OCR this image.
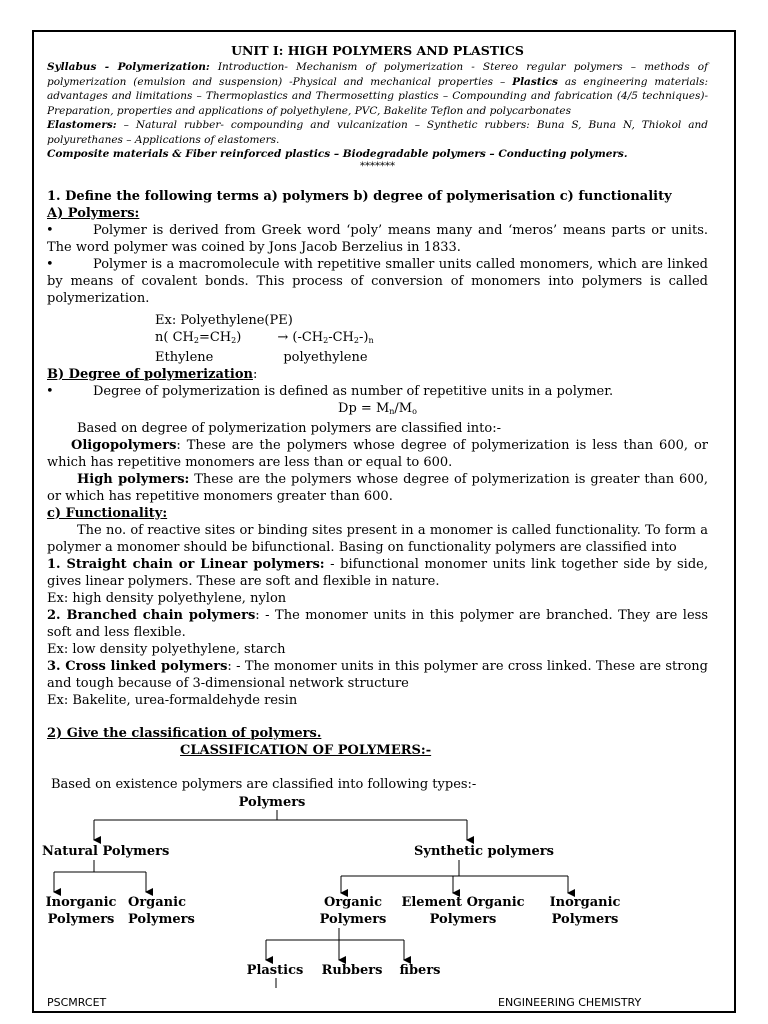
UNIT I: HIGH POLYMERS AND PLASTICS

Syllabus - Polymerization: Introduction- Mechanism of polymerization - Stereo regular polymers – methods of polymerization (emulsion and suspension) -Physical and mechanical properties – Plastics as engineering materials: advantages and limitations – Thermoplastics and Thermosetting plastics – Compounding and fabrication (4/5 techniques)- Preparation, properties and applications of polyethylene, PVC, Bakelite Teflon and polycarbonates

Elastomers: – Natural rubber- compounding and vulcanization – Synthetic rubbers: Buna S, Buna N, Thiokol and polyurethanes – Applications of elastomers.

Composite materials & Fiber reinforced plastics – Biodegradable polymers – Conducting polymers.

*******

1. Define the following terms a) polymers b) degree of polymerisation c) functionality
A) Polymers:
•	Polymer is derived from Greek word ‘poly’ means many and ‘meros’ means parts or units. The word polymer was coined by Jons Jacob Berzelius in 1833.
•	Polymer is a macromolecule with repetitive smaller units called monomers, which are linked by means of covalent bonds. This process of conversion of monomers into polymers is called polymerization.
Ex: Polyethylene(PE)
n( $CH_2=CH_2$)	→ $(-CH_2-CH_2-)_n$
Ethylene	polyethylene
B) Degree of polymerization:
•	Degree of polymerization is defined as number of repetitive units in a polymer.
$Dp = M_n/M_o$
Based on degree of polymerization polymers are classified into:-
Oligopolymers: These are the polymers whose degree of polymerization is less than 600, or which has repetitive monomers are less than or equal to 600.
High polymers: These are the polymers whose degree of polymerization is greater than 600, or which has repetitive monomers greater than 600.
c) Functionality:
The no. of reactive sites or binding sites present in a monomer is called functionality. To form a polymer a monomer should be bifunctional. Basing on functionality polymers are classified into
1. Straight chain or Linear polymers: - bifunctional monomer units link together side by side, gives linear polymers. These are soft and flexible in nature.
Ex: high density polyethylene, nylon
2. Branched chain polymers: - The monomer units in this polymer are branched. They are less soft and less flexible.
Ex: low density polyethylene, starch
3. Cross linked polymers: - The monomer units in this polymer are cross linked. These are strong and tough because of 3-dimensional network structure
Ex: Bakelite, urea-formaldehyde resin
2) Give the classification of polymers.
CLASSIFICATION OF POLYMERS:-
Based on existence polymers are classified into following types:-
Polymers
Natural Polymers	Synthetic polymers
Inorganic Polymers
Organic Polymers
Organic Polymers
Element Organic Polymers
Inorganic Polymers
Plastics	Rubbers	fibers
PSCMRCET	ENGINEERING CHEMISTRY
